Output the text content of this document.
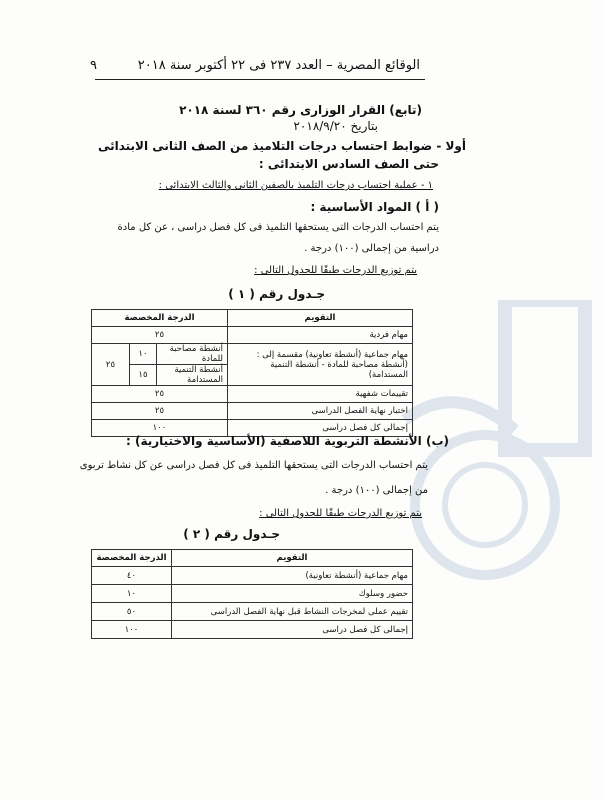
٩	الوقائع المصرية – العدد ٢٣٧ فى ٢٢ أكتوبر سنة ٢٠١٨
(تابع) القرار الوزارى رقم ٣٦٠ لسنة ٢٠١٨
بتاريخ ٢٠١٨/٩/٢٠
أولا - ضوابط احتساب درجات التلاميذ من الصف الثانى الابتدائى
حتى الصف السادس الابتدائى :
١ - عملية احتساب درجات التلميذ بالصفين الثانى والثالث الابتدائى :
( أ ) المواد الأساسية :
يتم احتساب الدرجات التى يستحقها التلميذ فى كل فصل دراسى ، عن كل مادة
دراسية من إجمالى (١٠٠) درجة .
يتم توزيع الدرجات طبقًا للجدول التالى :
جـدول رقم ( ١ )
التقويم	الدرجة المخصصة		
مهام فردية	٢٥		

مهام جماعية (أنشطة تعاونية) مقسمة إلى :
(أنشطة مصاحبة للمادة - أنشطة التنمية المستدامة)	أنشطة مصاحبة للمادة	١٠	٢٥
	أنشطة التنمية المستدامة	١٥	
تقييمات شفهية	٢٥		
اختبار نهاية الفصل الدراسى	٢٥		
إجمالى كل فصل دراسى	١٠٠		
(ب) الأنشطة التربوية اللاصفية (الأساسية والاختيارية) :
يتم احتساب الدرجات التى يستحقها التلميذ فى كل فصل دراسى عن كل نشاط تربوى
من إجمالى (١٠٠) درجة .
يتم توزيع الدرجات طبقًا للجدول التالى :
جـدول رقم ( ٢ )
التقويم	الدرجة المخصصة
مهام جماعية (أنشطة تعاونية)	٤٠
حضور وسلوك	١٠
تقييم عملى لمخرجات النشاط قبل نهاية الفصل الدراسى	٥٠
إجمالى كل فصل دراسى	١٠٠
